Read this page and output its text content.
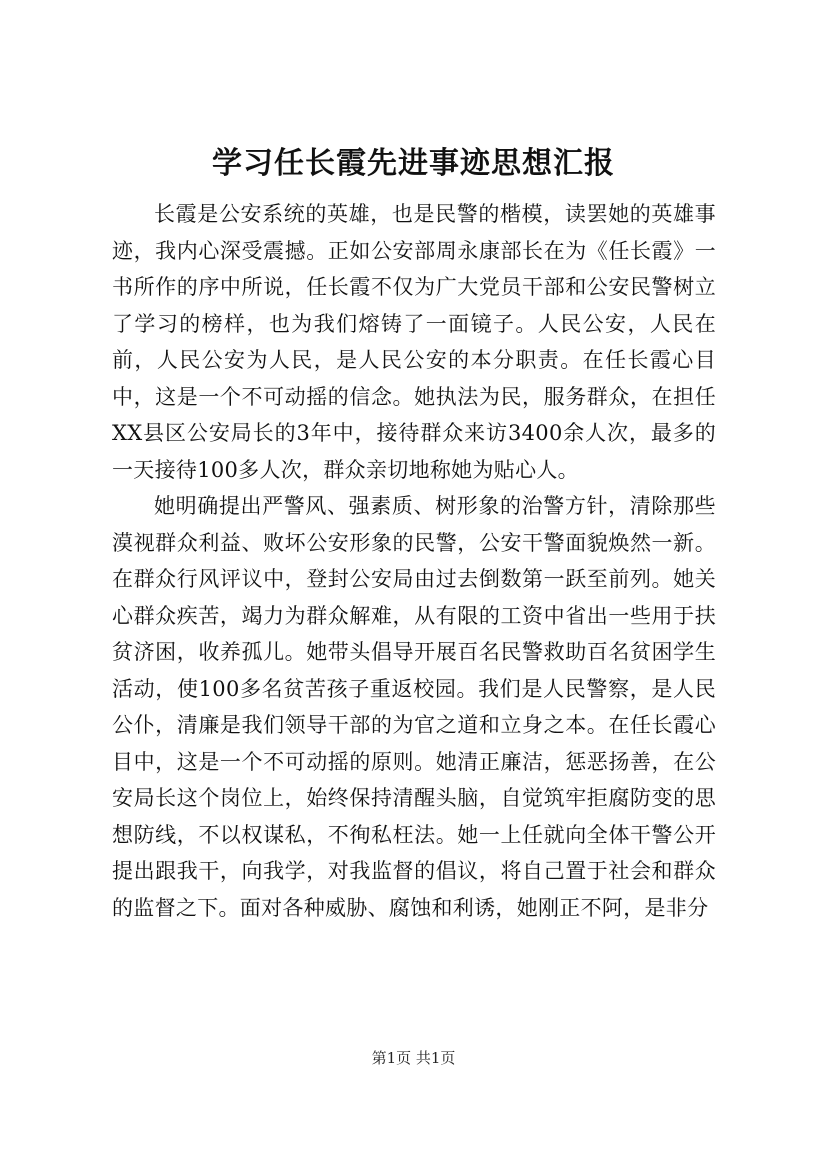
学习任长霞先进事迹思想汇报

长霞是公安系统的英雄，也是民警的楷模，读罢她的英雄事迹，我内心深受震撼。正如公安部周永康部长在为《任长霞》一书所作的序中所说，任长霞不仅为广大党员干部和公安民警树立了学习的榜样，也为我们熔铸了一面镜子。人民公安，人民在前，人民公安为人民，是人民公安的本分职责。在任长霞心目中，这是一个不可动摇的信念。她执法为民，服务群众，在担任XX县区公安局长的3年中，接待群众来访3400余人次，最多的一天接待100多人次，群众亲切地称她为贴心人。

她明确提出严警风、强素质、树形象的治警方针，清除那些漠视群众利益、败坏公安形象的民警，公安干警面貌焕然一新。在群众行风评议中，登封公安局由过去倒数第一跃至前列。她关心群众疾苦，竭力为群众解难，从有限的工资中省出一些用于扶贫济困，收养孤儿。她带头倡导开展百名民警救助百名贫困学生活动，使100多名贫苦孩子重返校园。我们是人民警察，是人民公仆，清廉是我们领导干部的为官之道和立身之本。在任长霞心目中，这是一个不可动摇的原则。她清正廉洁，惩恶扬善，在公安局长这个岗位上，始终保持清醒头脑，自觉筑牢拒腐防变的思想防线，不以权谋私，不徇私枉法。她一上任就向全体干警公开提出跟我干，向我学，对我监督的倡议，将自己置于社会和群众的监督之下。面对各种威胁、腐蚀和利诱，她刚正不阿，是非分

第1页 共1页
